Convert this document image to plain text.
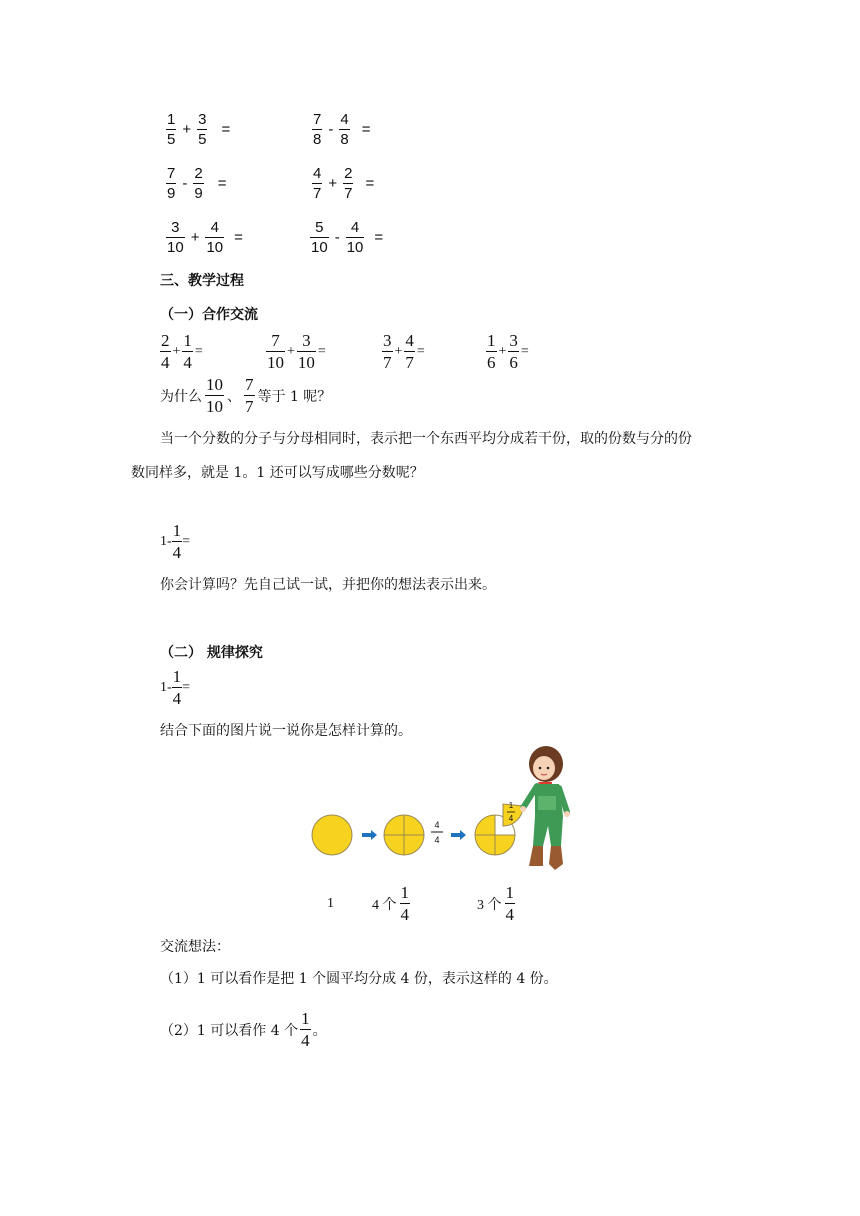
$\frac{1}{5} + \frac{3}{5}$ =	$\frac{7}{8} - \frac{4}{8}$ =
$\frac{7}{9} - \frac{2}{9}$ =	$\frac{4}{7} + \frac{2}{7}$ =
$\frac{3}{10} + \frac{4}{10}$ =	$\frac{5}{10} - \frac{4}{10}$ =
三、教学过程
（一）合作交流
$\frac{2}{4} + \frac{1}{4}$ =	$\frac{7}{10} + \frac{3}{10}$ =	$\frac{3}{7} + \frac{4}{7}$ =	$\frac{1}{6} + \frac{3}{6}$ =
为什么 $\frac{10}{10}$ 、 $\frac{7}{7}$ 等于 1 呢？
当一个分数的分子与分母相同时，表示把一个东西平均分成若干份，取的份数与分的份
数同样多，就是 1。1 还可以写成哪些分数呢？
$1- \frac{1}{4}$ =
你会计算吗？先自己试一试，并把你的想法表示出来。
（二） 规律探究
$1- \frac{1}{4}$ =
结合下面的图片说一说你是怎样计算的。
4
4
1
4
1	4 个 $\frac{1}{4}$	3 个 $\frac{1}{4}$
交流想法：
（1）1 可以看作是把 1 个圆平均分成 4 份，表示这样的 4 份。
（2）1 可以看作 4 个 $\frac{1}{4}$ 。
